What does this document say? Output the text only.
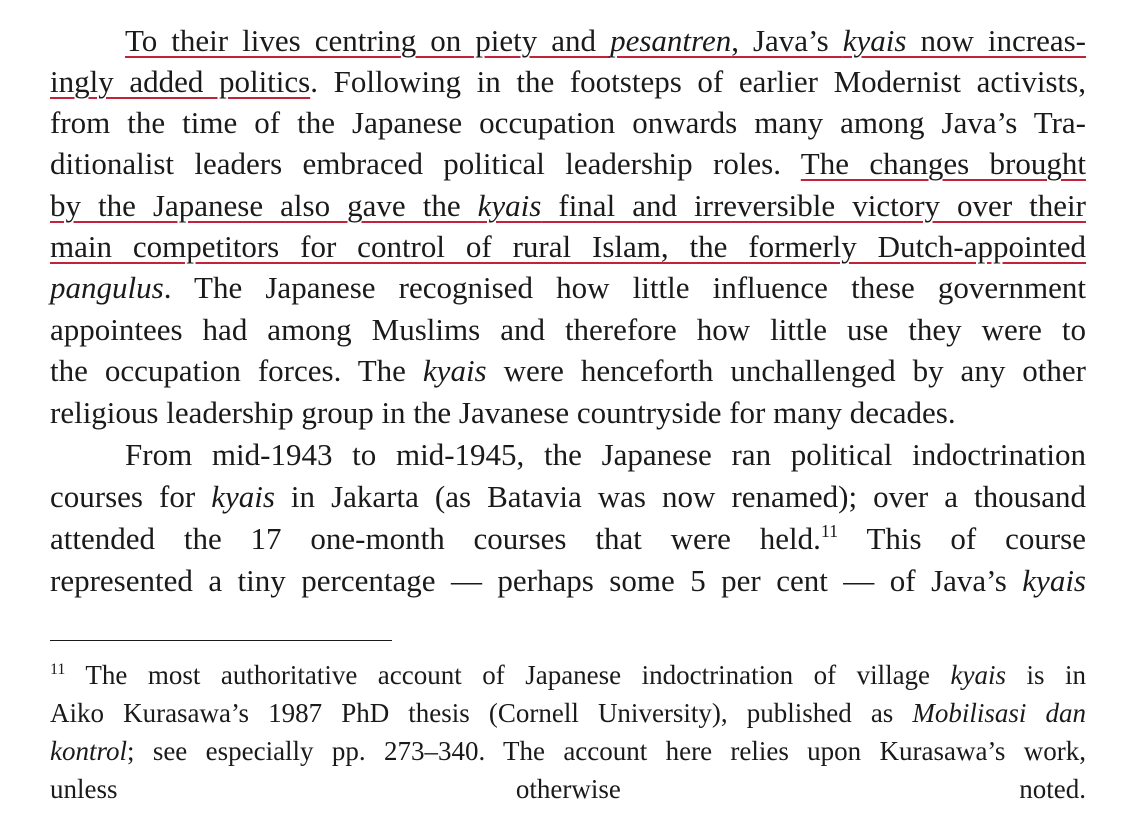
To their lives centring on piety and pesantren, Java’s kyais now increas-
ingly added politics. Following in the footsteps of earlier Modernist activists,
from the time of the Japanese occupation onwards many among Java’s Tra-
ditionalist leaders embraced political leadership roles. The changes brought
by the Japanese also gave the kyais final and irreversible victory over their
main competitors for control of rural Islam, the formerly Dutch-appointed
pangulus. The Japanese recognised how little influence these government
appointees had among Muslims and therefore how little use they were to
the occupation forces. The kyais were henceforth unchallenged by any other
religious leadership group in the Javanese countryside for many decades.
From mid-1943 to mid-1945, the Japanese ran political indoctrination
courses for kyais in Jakarta (as Batavia was now renamed); over a thousand
attended the 17 one-month courses that were held.$^{11}$ This of course
represented a tiny percentage — perhaps some 5 per cent — of Java’s kyais
$^{11}$ The most authoritative account of Japanese indoctrination of village kyais is in
Aiko Kurasawa’s 1987 PhD thesis (Cornell University), published as Mobilisasi dan
kontrol; see especially pp. 273–340. The account here relies upon Kurasawa’s work,
unless otherwise noted.
